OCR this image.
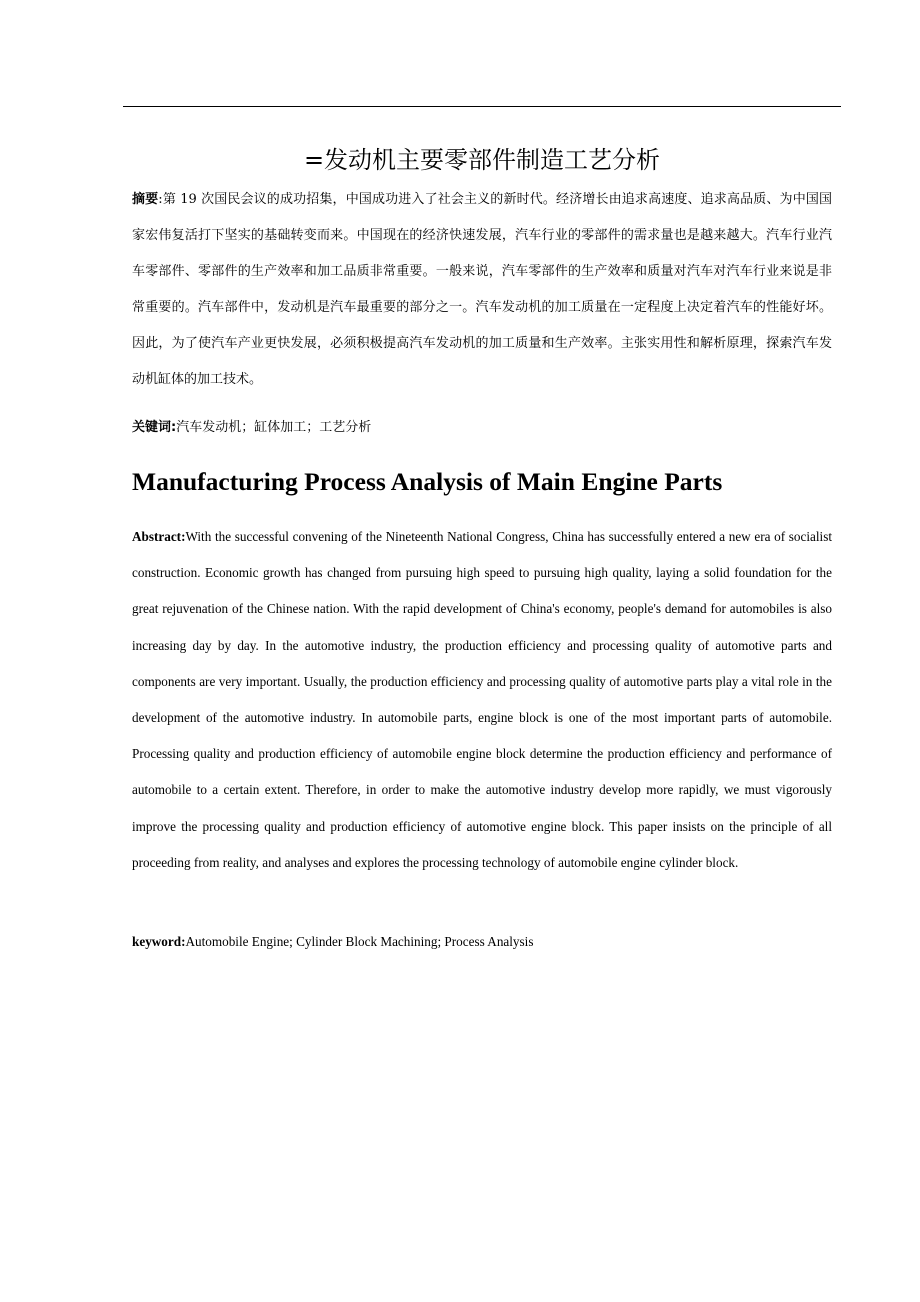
=发动机主要零部件制造工艺分析

摘要:第 19 次国民会议的成功招集，中国成功进入了社会主义的新时代。经济增长由追求高速度、追求高品质、为中国国家宏伟复活打下坚实的基础转变而来。中国现在的经济快速发展，汽车行业的零部件的需求量也是越来越大。汽车行业汽车零部件、零部件的生产效率和加工品质非常重要。一般来说，汽车零部件的生产效率和质量对汽车对汽车行业来说是非常重要的。汽车部件中，发动机是汽车最重要的部分之一。汽车发动机的加工质量在一定程度上决定着汽车的性能好坏。因此，为了使汽车产业更快发展，必须积极提高汽车发动机的加工质量和生产效率。主张实用性和解析原理，探索汽车发动机缸体的加工技术。

关键词:汽车发动机；缸体加工；工艺分析

Manufacturing Process Analysis of Main Engine Parts

Abstract:With the successful convening of the Nineteenth National Congress, China has successfully entered a new era of socialist construction. Economic growth has changed from pursuing high speed to pursuing high quality, laying a solid foundation for the great rejuvenation of the Chinese nation. With the rapid development of China's economy, people's demand for automobiles is also increasing day by day. In the automotive industry, the production efficiency and processing quality of automotive parts and components are very important. Usually, the production efficiency and processing quality of automotive parts play a vital role in the development of the automotive industry. In automobile parts, engine block is one of the most important parts of automobile. Processing quality and production efficiency of automobile engine block determine the production efficiency and performance of automobile to a certain extent. Therefore, in order to make the automotive industry develop more rapidly, we must vigorously improve the processing quality and production efficiency of automotive engine block. This paper insists on the principle of all proceeding from reality, and analyses and explores the processing technology of automobile engine cylinder block.

keyword:Automobile Engine; Cylinder Block Machining; Process Analysis
